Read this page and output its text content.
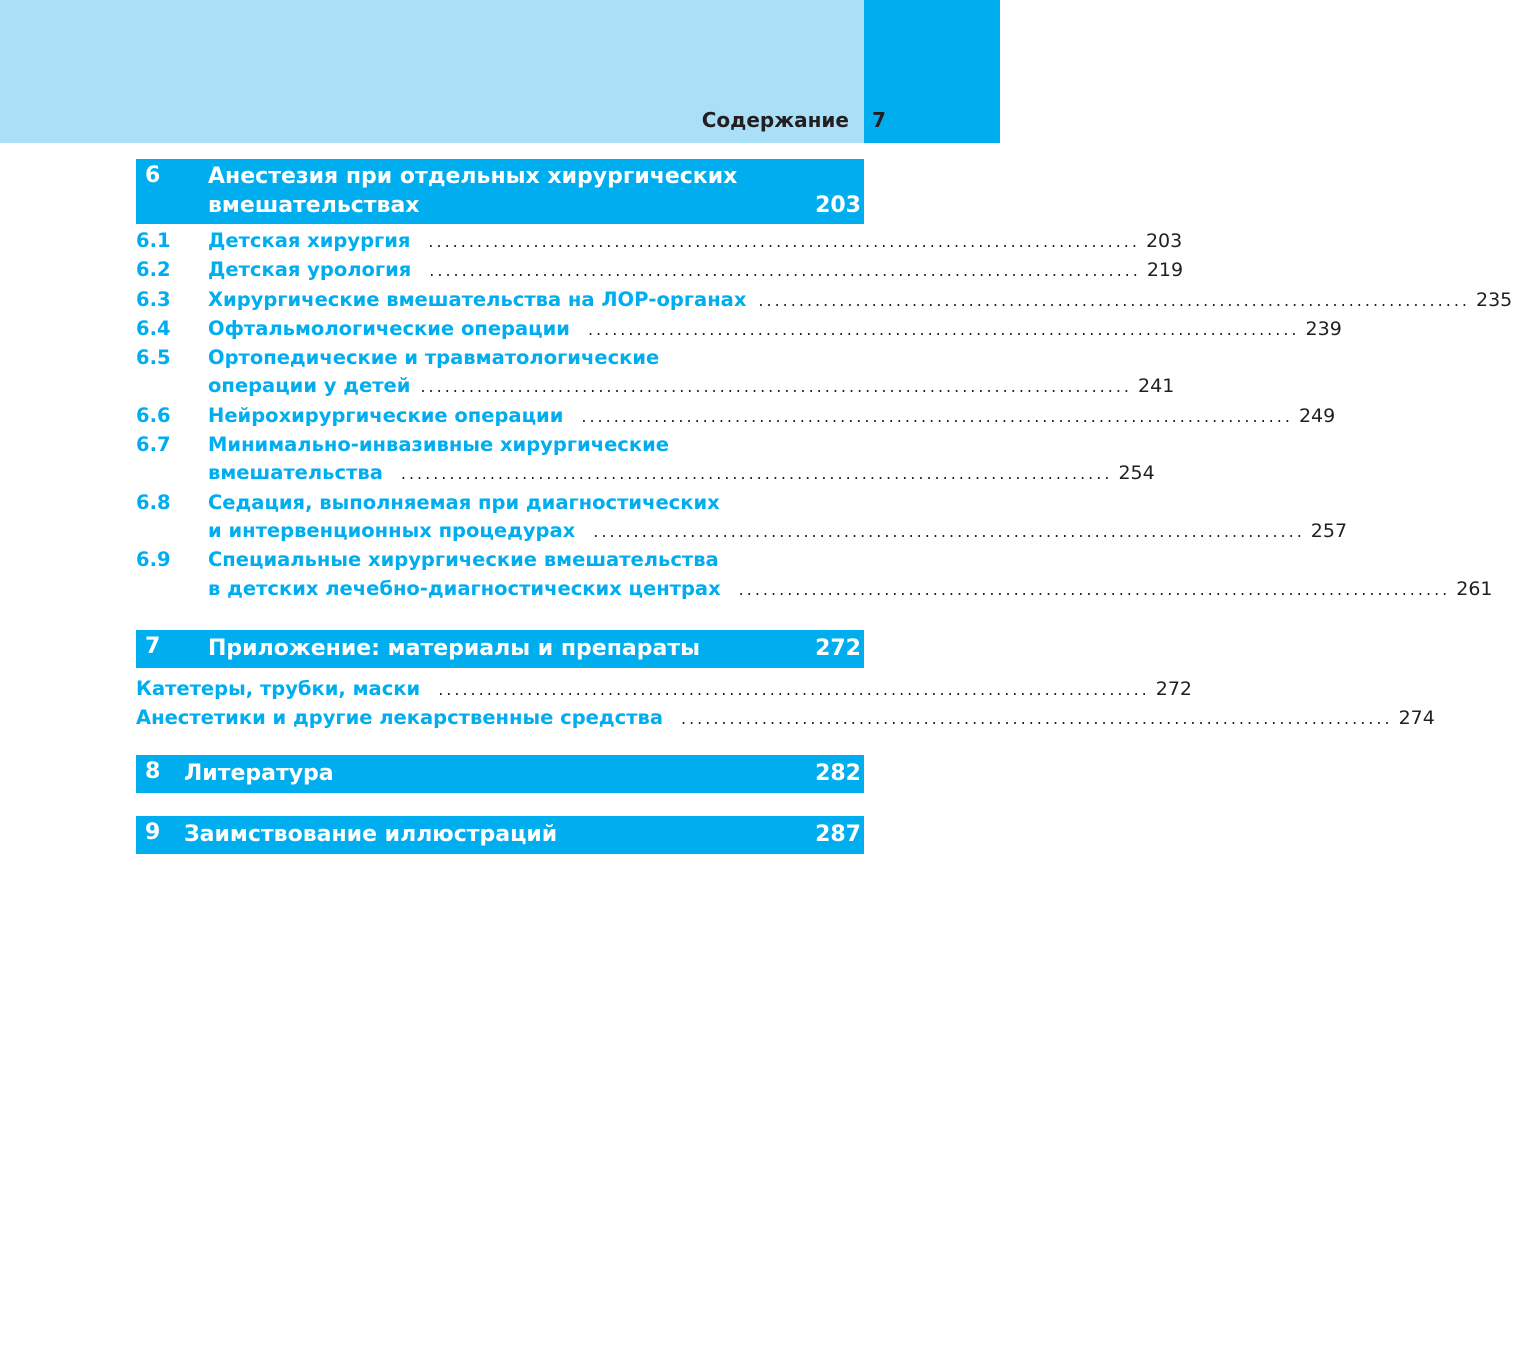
Содержание 7
6 Анестезия при отдельных хирургических
вмешательствах	203
6.1 Детская хирургия ........................................................................................ 203
6.2 Детская урология ........................................................................................ 219
6.3 Хирургические вмешательства на ЛОР-органах ........................................................................................ 235
6.4 Офтальмологические операции ........................................................................................ 239
6.5 Ортопедические и травматологические
операции у детей ........................................................................................ 241
6.6 Нейрохирургические операции ........................................................................................ 249
6.7 Минимально-инвазивные хирургические
вмешательства ........................................................................................ 254
6.8 Седация, выполняемая при диагностических
и интервенционных процедурах ........................................................................................ 257
6.9 Специальные хирургические вмешательства
в детских лечебно-диагностических центрах ........................................................................................ 261
7 Приложение: материалы и препараты	272
Катетеры, трубки, маски ........................................................................................ 272
Анестетики и другие лекарственные средства ........................................................................................ 274
8 Литература	282
9 Заимствование иллюстраций	287
